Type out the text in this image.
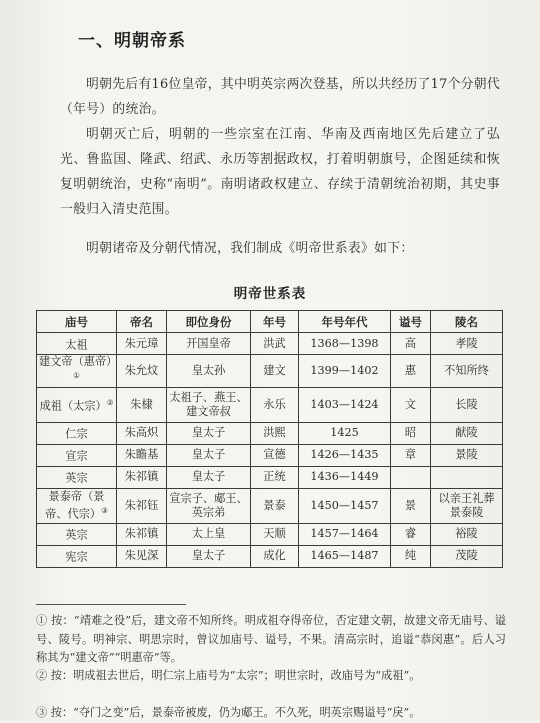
一、明朝帝系
明朝先后有16位皇帝，其中明英宗两次登基，所以共经历了17个分朝代（年号）的统治。
明朝灭亡后，明朝的一些宗室在江南、华南及西南地区先后建立了弘光、鲁监国、隆武、绍武、永历等割据政权，打着明朝旗号，企图延续和恢复明朝统治，史称“南明”。南明诸政权建立、存续于清朝统治初期，其史事一般归入清史范围。
明朝诸帝及分朝代情况，我们制成《明帝世系表》如下：
明帝世系表
庙号	帝名	即位身份	年号	年号年代	谥号	陵名
太祖	朱元璋	开国皇帝	洪武	1368—1398	高	孝陵
建文帝（惠帝）①	朱允炆	皇太孙	建文	1399—1402	惠	不知所终
成祖（太宗）②	朱棣	太祖子、燕王、建文帝叔	永乐	1403—1424	文	长陵
仁宗	朱高炽	皇太子	洪熙	1425	昭	献陵
宣宗	朱瞻基	皇太子	宣德	1426—1435	章	景陵
英宗	朱祁镇	皇太子	正统	1436—1449		
景泰帝（景帝、代宗）③	朱祁钰	宣宗子、郕王、英宗弟	景泰	1450—1457	景	以亲王礼葬景泰陵
英宗	朱祁镇	太上皇	天顺	1457—1464	睿	裕陵
宪宗	朱见深	皇太子	成化	1465—1487	纯	茂陵
① 按：“靖难之役”后，建文帝不知所终。明成祖夺得帝位，否定建文朝，故建文帝无庙号、谥号、陵号。明神宗、明思宗时，曾议加庙号、谥号，不果。清高宗时，追谥“恭闵惠”。后人习称其为“建文帝”“明惠帝”等。
② 按：明成祖去世后，明仁宗上庙号为“太宗”；明世宗时，改庙号为“成祖”。
③ 按：“夺门之变”后，景泰帝被废，仍为郕王。不久死，明英宗赐谥号“戾”。
